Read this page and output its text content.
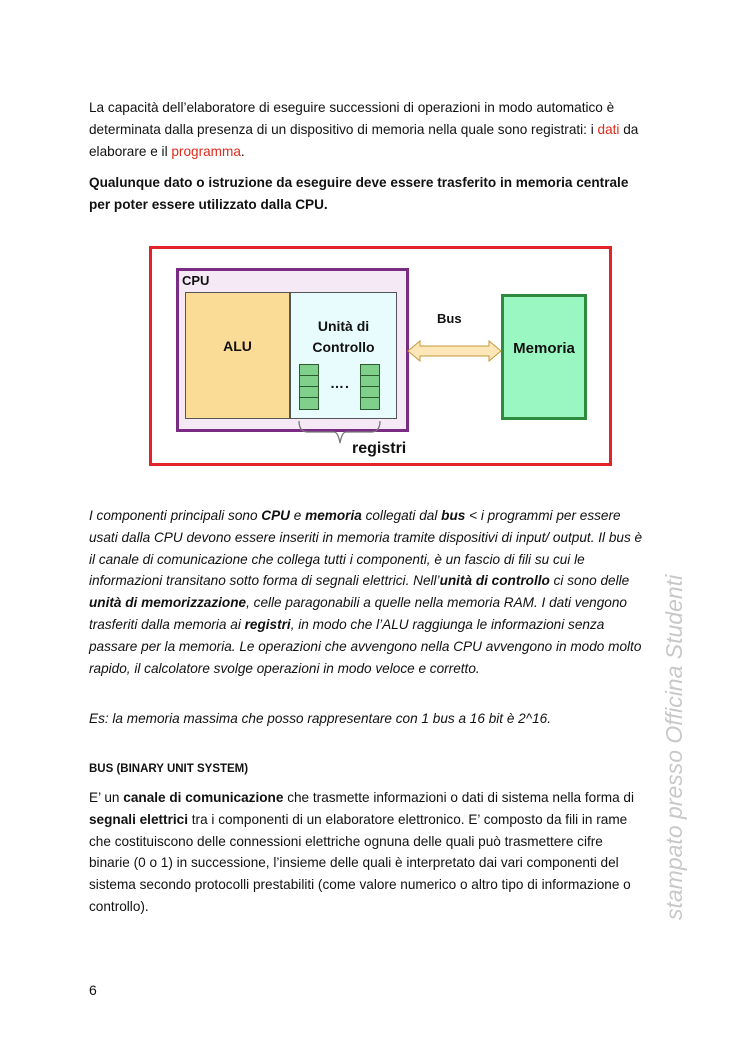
La capacità dell’elaboratore di eseguire successioni di operazioni in modo automatico è determinata dalla presenza di un dispositivo di memoria nella quale sono registrati: i dati da elaborare e il programma.

Qualunque dato o istruzione da eseguire deve essere trasferito in memoria centrale per poter essere utilizzato dalla CPU.

CPU
ALU
Unità di
Controllo
….
Memoria
Bus
registri

I componenti principali sono CPU e memoria collegati dal bus < i programmi per essere usati dalla CPU devono essere inseriti in memoria tramite dispositivi di input/ output. Il bus è il canale di comunicazione che collega tutti i componenti, è un fascio di fili su cui le informazioni transitano sotto forma di segnali elettrici. Nell’unità di controllo ci sono delle unità di memorizzazione, celle paragonabili a quelle nella memoria RAM. I dati vengono trasferiti dalla memoria ai registri, in modo che l’ALU raggiunga le informazioni senza passare per la memoria. Le operazioni che avvengono nella CPU avvengono in modo molto rapido, il calcolatore svolge operazioni in modo veloce e corretto.

Es: la memoria massima che posso rappresentare con 1 bus a 16 bit è 2^16.

BUS (BINARY UNIT SYSTEM)

E’ un canale di comunicazione che trasmette informazioni o dati di sistema nella forma di segnali elettrici tra i componenti di un elaboratore elettronico. E’ composto da fili in rame che costituiscono delle connessioni elettriche ognuna delle quali può trasmettere cifre binarie (0 o 1) in successione, l’insieme delle quali è interpretato dai vari componenti del sistema secondo protocolli prestabiliti (come valore numerico o altro tipo di informazione o controllo).

6

stampato presso Officina Studenti
